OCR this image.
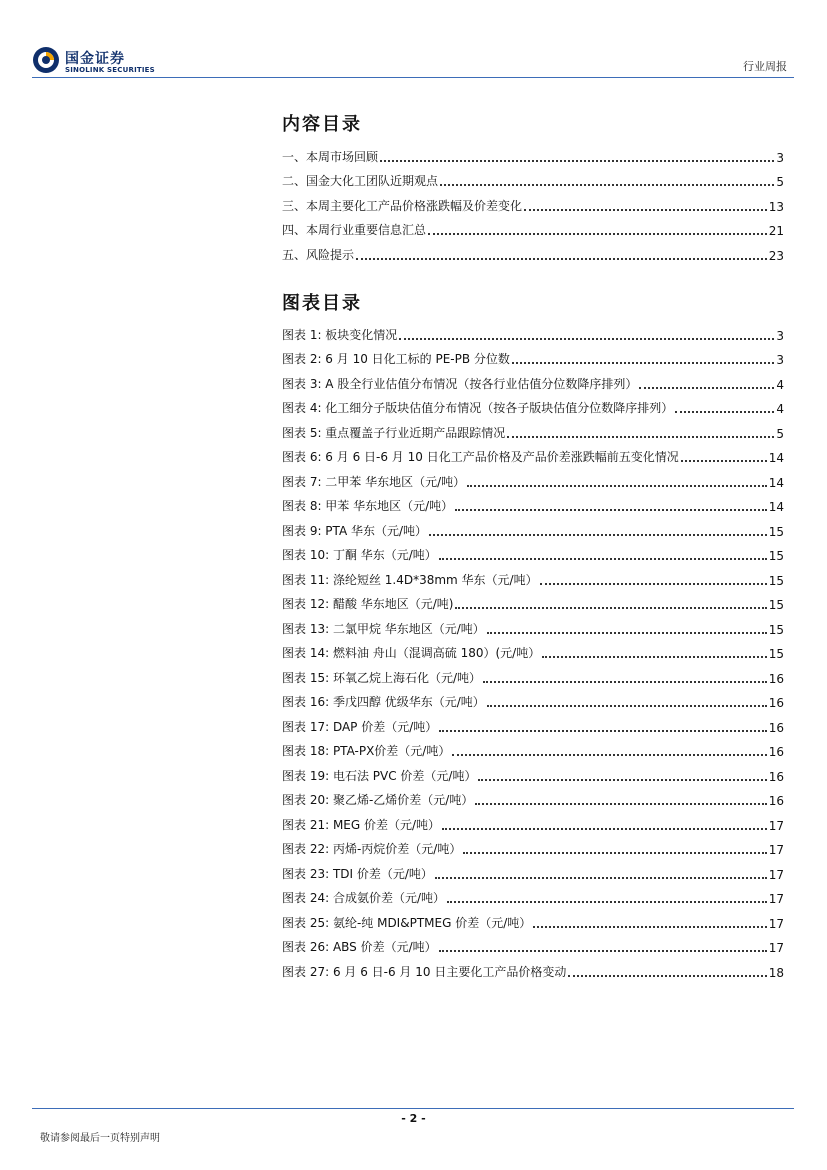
国金证券
SINOLINK SECURITIES	行业周报
内容目录
一、本周市场回顾	3
二、国金大化工团队近期观点	5
三、本周主要化工产品价格涨跌幅及价差变化	13
四、本周行业重要信息汇总	21
五、风险提示	23
图表目录
图表 1: 板块变化情况	3
图表 2: 6 月 10 日化工标的 PE-PB 分位数	3
图表 3: A 股全行业估值分布情况（按各行业估值分位数降序排列）	4
图表 4: 化工细分子版块估值分布情况（按各子版块估值分位数降序排列）	4
图表 5: 重点覆盖子行业近期产品跟踪情况	5
图表 6: 6 月 6 日-6 月 10 日化工产品价格及产品价差涨跌幅前五变化情况	14
图表 7: 二甲苯 华东地区（元/吨）	14
图表 8: 甲苯 华东地区（元/吨）	14
图表 9: PTA 华东（元/吨）	15
图表 10: 丁酮 华东（元/吨）	15
图表 11: 涤纶短丝 1.4D*38mm 华东（元/吨）	15
图表 12: 醋酸 华东地区（元/吨)	15
图表 13: 二氯甲烷 华东地区（元/吨）	15
图表 14: 燃料油 舟山（混调高硫 180）(元/吨）	15
图表 15: 环氧乙烷上海石化（元/吨）	16
图表 16: 季戊四醇 优级华东（元/吨）	16
图表 17: DAP 价差（元/吨）	16
图表 18: PTA-PX价差（元/吨）	16
图表 19: 电石法 PVC 价差（元/吨）	16
图表 20: 聚乙烯-乙烯价差（元/吨）	16
图表 21: MEG 价差（元/吨）	17
图表 22: 丙烯-丙烷价差（元/吨）	17
图表 23: TDI 价差（元/吨）	17
图表 24: 合成氨价差（元/吨）	17
图表 25: 氨纶-纯 MDI&PTMEG 价差（元/吨）	17
图表 26: ABS 价差（元/吨）	17
图表 27: 6 月 6 日-6 月 10 日主要化工产品价格变动	18
- 2 -
敬请参阅最后一页特别声明
